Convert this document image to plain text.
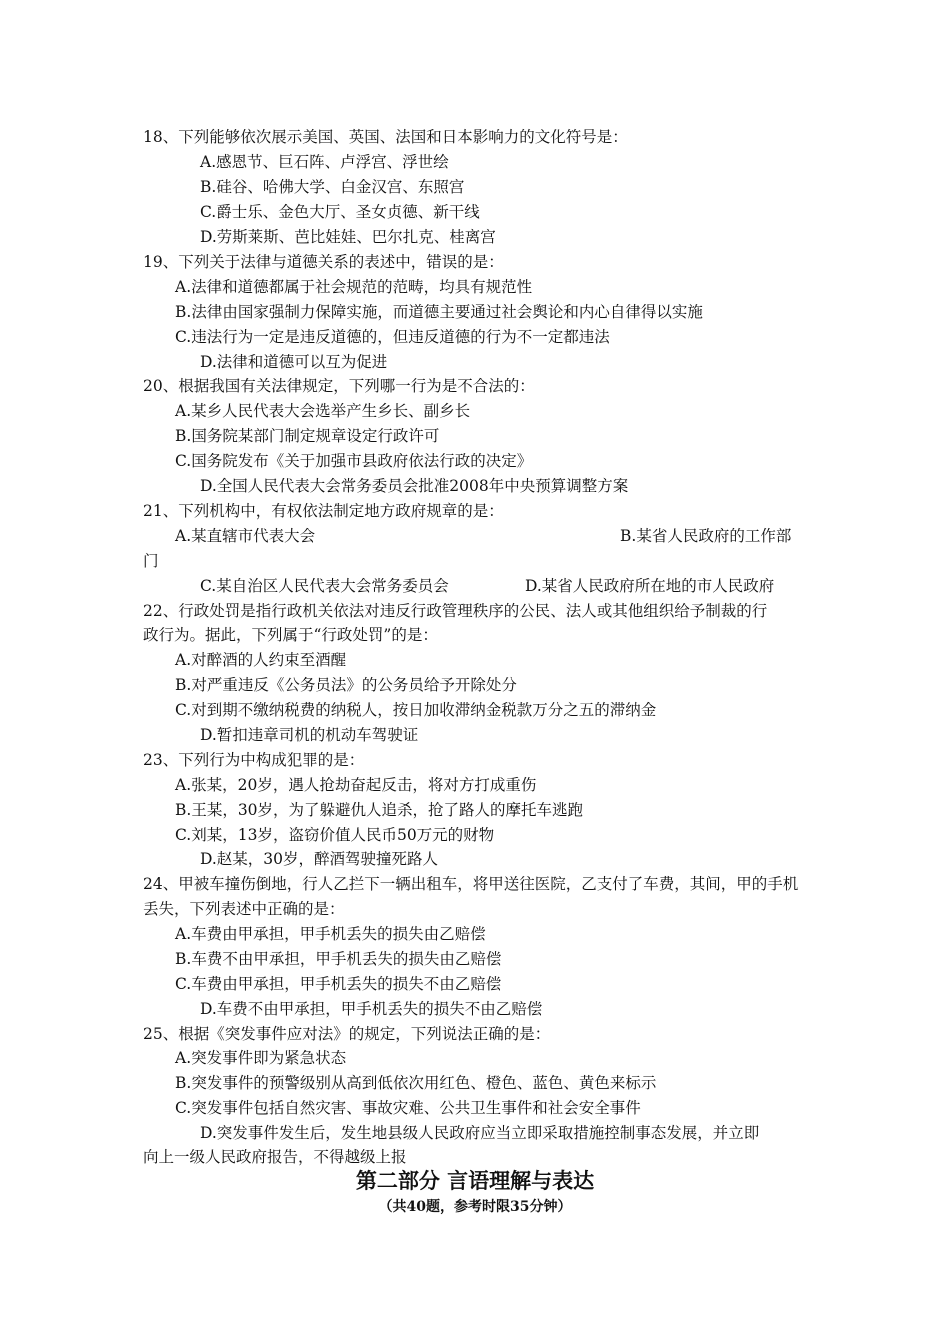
18、下列能够依次展示美国、英国、法国和日本影响力的文化符号是：
A.感恩节、巨石阵、卢浮宫、浮世绘
B.硅谷、哈佛大学、白金汉宫、东照宫
C.爵士乐、金色大厅、圣女贞德、新干线
D.劳斯莱斯、芭比娃娃、巴尔扎克、桂离宫
19、下列关于法律与道德关系的表述中，错误的是：
A.法律和道德都属于社会规范的范畴，均具有规范性
B.法律由国家强制力保障实施，而道德主要通过社会舆论和内心自律得以实施
C.违法行为一定是违反道德的，但违反道德的行为不一定都违法
D.法律和道德可以互为促进
20、根据我国有关法律规定，下列哪一行为是不合法的：
A.某乡人民代表大会选举产生乡长、副乡长
B.国务院某部门制定规章设定行政许可
C.国务院发布《关于加强市县政府依法行政的决定》
D.全国人民代表大会常务委员会批准2008年中央预算调整方案
21、下列机构中，有权依法制定地方政府规章的是：
A.某直辖市代表大会	B.某省人民政府的工作部
门
C.某自治区人民代表大会常务委员会	D.某省人民政府所在地的市人民政府
22、行政处罚是指行政机关依法对违反行政管理秩序的公民、法人或其他组织给予制裁的行
政行为。据此，下列属于“行政处罚”的是：
A.对醉酒的人约束至酒醒
B.对严重违反《公务员法》的公务员给予开除处分
C.对到期不缴纳税费的纳税人，按日加收滞纳金税款万分之五的滞纳金
D.暂扣违章司机的机动车驾驶证
23、下列行为中构成犯罪的是：
A.张某，20岁，遇人抢劫奋起反击，将对方打成重伤
B.王某，30岁，为了躲避仇人追杀，抢了路人的摩托车逃跑
C.刘某，13岁，盗窃价值人民币50万元的财物
D.赵某，30岁，醉酒驾驶撞死路人
24、甲被车撞伤倒地，行人乙拦下一辆出租车，将甲送往医院，乙支付了车费，其间，甲的手机
丢失，下列表述中正确的是：
A.车费由甲承担，甲手机丢失的损失由乙赔偿
B.车费不由甲承担，甲手机丢失的损失由乙赔偿
C.车费由甲承担，甲手机丢失的损失不由乙赔偿
D.车费不由甲承担，甲手机丢失的损失不由乙赔偿
25、根据《突发事件应对法》的规定，下列说法正确的是：
A.突发事件即为紧急状态
B.突发事件的预警级别从高到低依次用红色、橙色、蓝色、黄色来标示
C.突发事件包括自然灾害、事故灾难、公共卫生事件和社会安全事件
D.突发事件发生后，发生地县级人民政府应当立即采取措施控制事态发展，并立即
向上一级人民政府报告，不得越级上报
第二部分 言语理解与表达
（共40题，参考时限35分钟）
